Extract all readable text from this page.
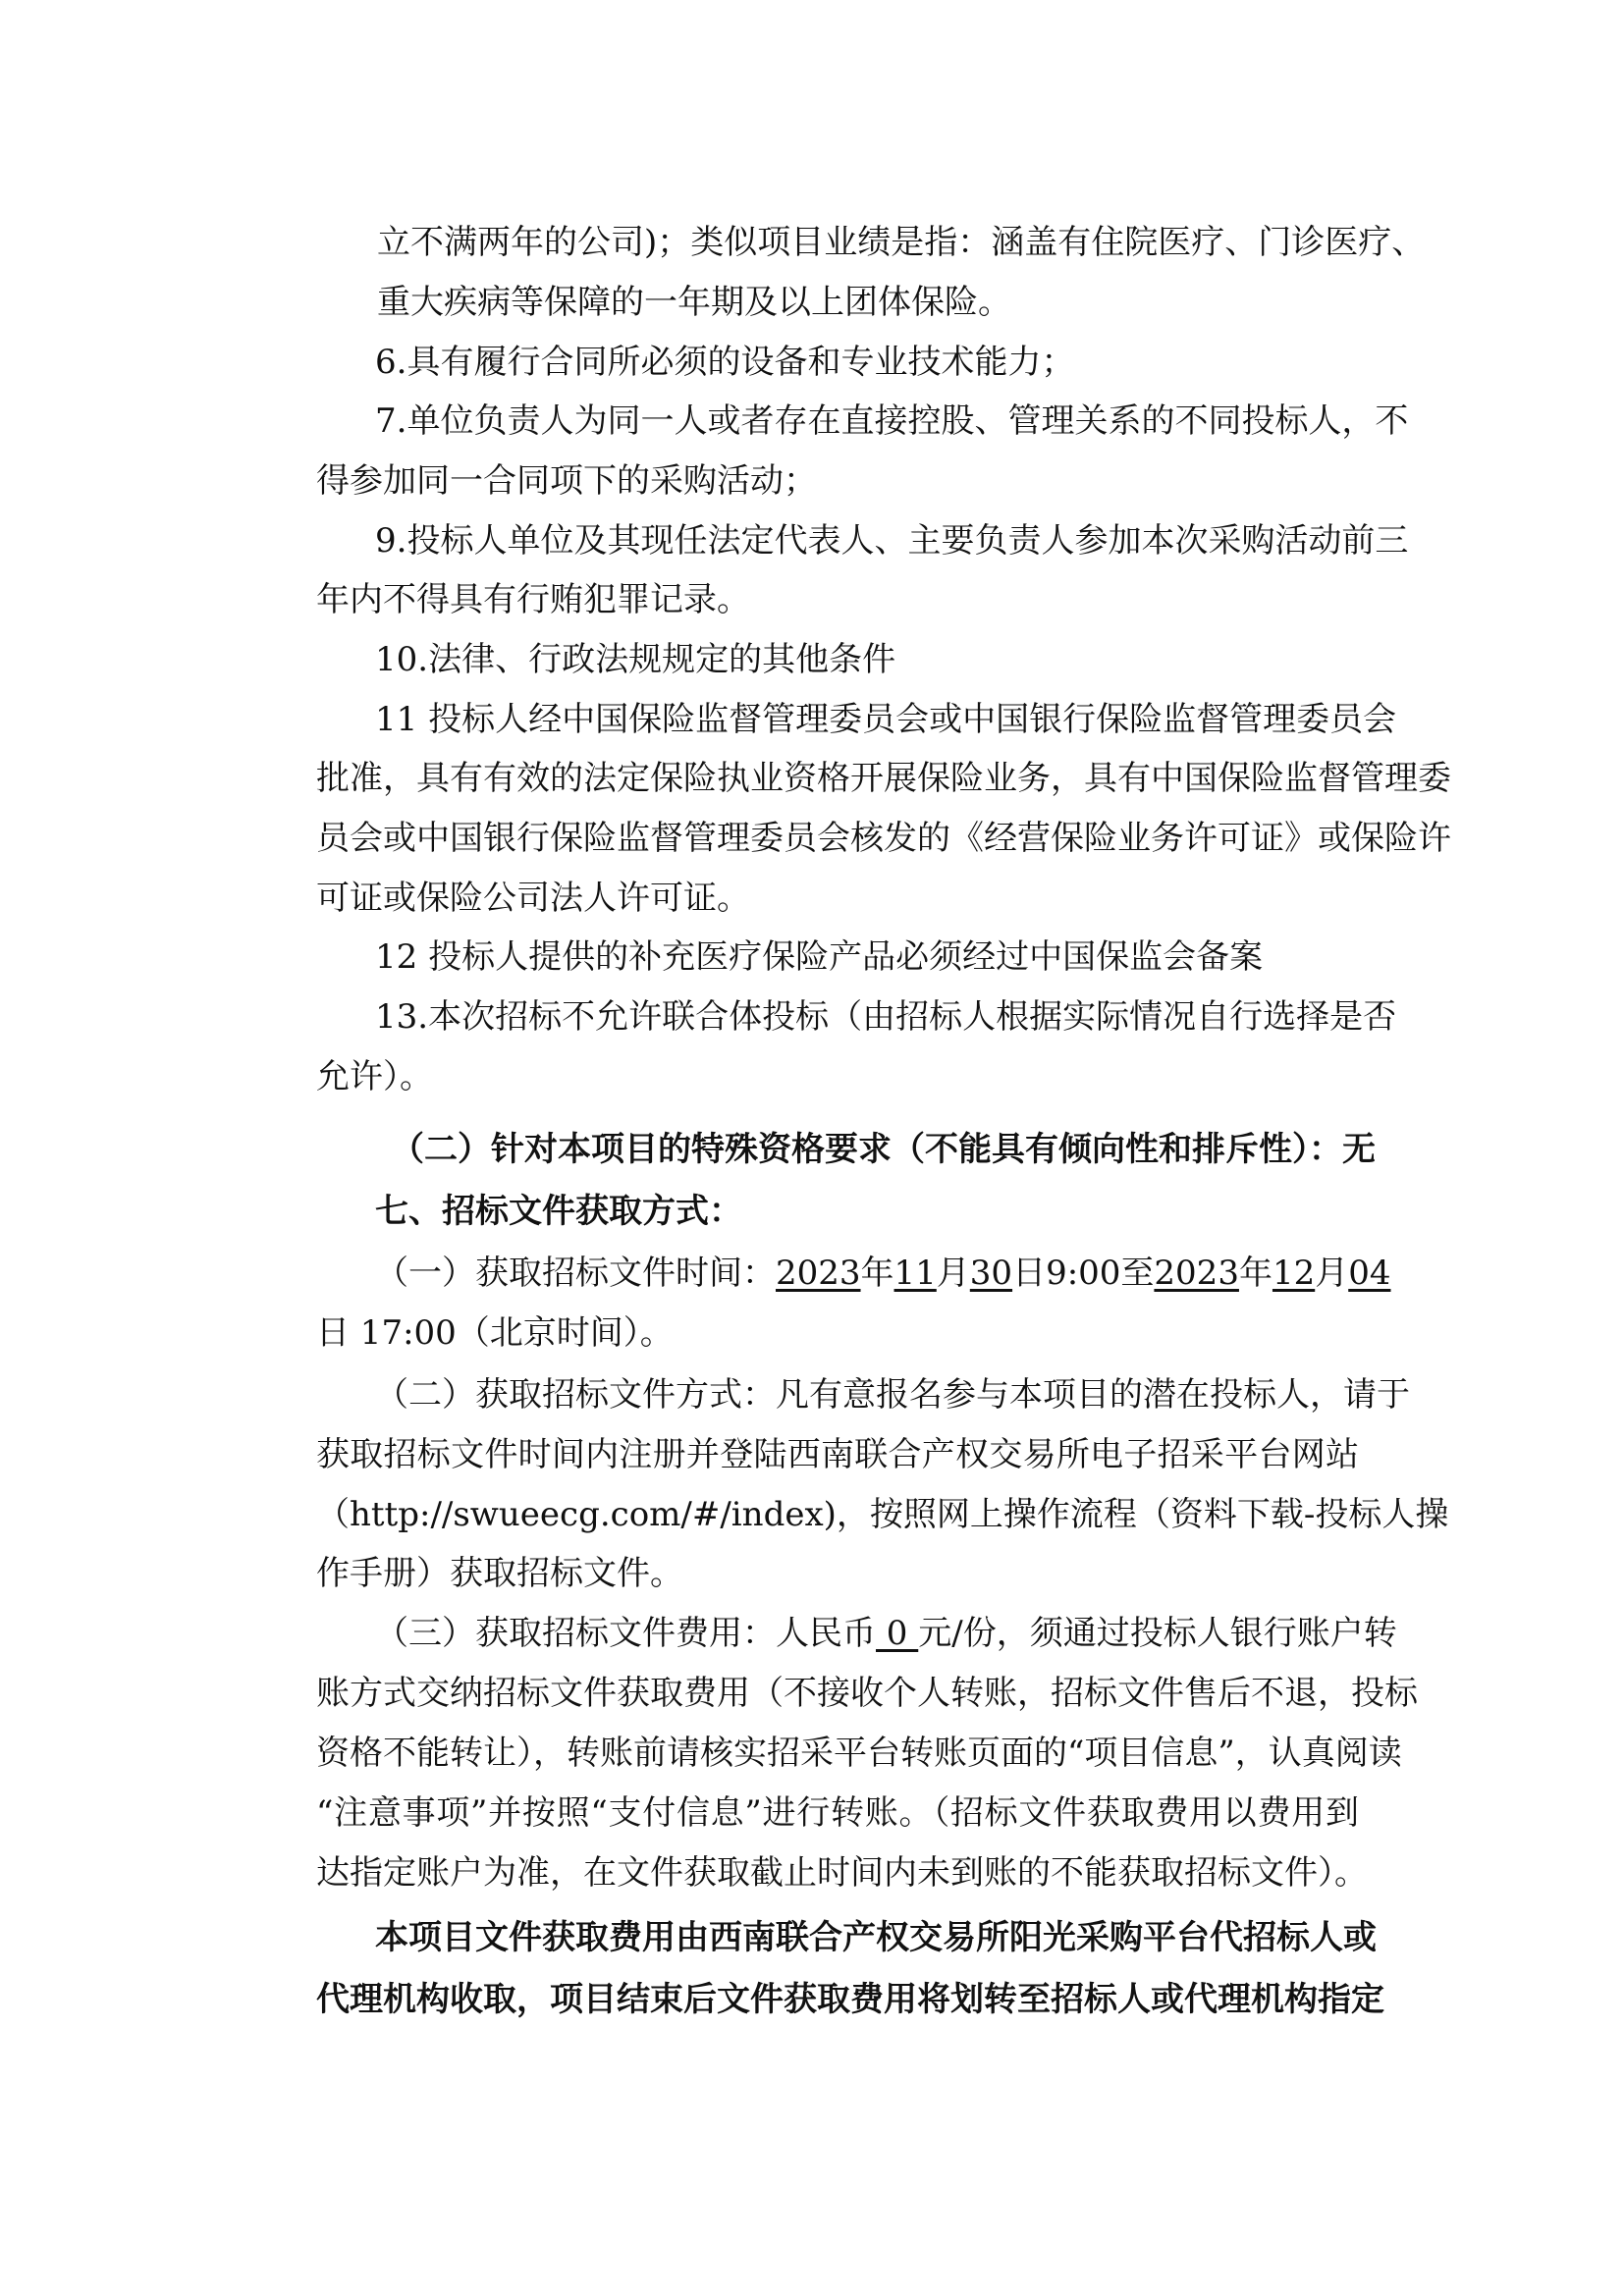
立不满两年的公司)；类似项目业绩是指：涵盖有住院医疗、门诊医疗、
重大疾病等保障的一年期及以上团体保险。
6.具有履行合同所必须的设备和专业技术能力；
7.单位负责人为同一人或者存在直接控股、管理关系的不同投标人，不
得参加同一合同项下的采购活动；
9.投标人单位及其现任法定代表人、主要负责人参加本次采购活动前三
年内不得具有行贿犯罪记录。
10.法律、行政法规规定的其他条件
11 投标人经中国保险监督管理委员会或中国银行保险监督管理委员会
批准，具有有效的法定保险执业资格开展保险业务，具有中国保险监督管理委
员会或中国银行保险监督管理委员会核发的《经营保险业务许可证》或保险许
可证或保险公司法人许可证。
12 投标人提供的补充医疗保险产品必须经过中国保监会备案
13.本次招标不允许联合体投标（由招标人根据实际情况自行选择是否
允许）。
（二）针对本项目的特殊资格要求（不能具有倾向性和排斥性）：无
七、招标文件获取方式：
（一）获取招标文件时间：2023年11月30日9:00至2023年12月04
日 17:00（北京时间）。
（二）获取招标文件方式：凡有意报名参与本项目的潜在投标人，请于
获取招标文件时间内注册并登陆西南联合产权交易所电子招采平台网站
（http://swueecg.com/#/index)，按照网上操作流程（资料下载-投标人操
作手册）获取招标文件。
（三）获取招标文件费用：人民币 0 元/份，须通过投标人银行账户转
账方式交纳招标文件获取费用（不接收个人转账，招标文件售后不退，投标
资格不能转让），转账前请核实招采平台转账页面的“项目信息”，认真阅读
“注意事项”并按照“支付信息”进行转账。（招标文件获取费用以费用到
达指定账户为准，在文件获取截止时间内未到账的不能获取招标文件）。
本项目文件获取费用由西南联合产权交易所阳光采购平台代招标人或
代理机构收取，项目结束后文件获取费用将划转至招标人或代理机构指定
